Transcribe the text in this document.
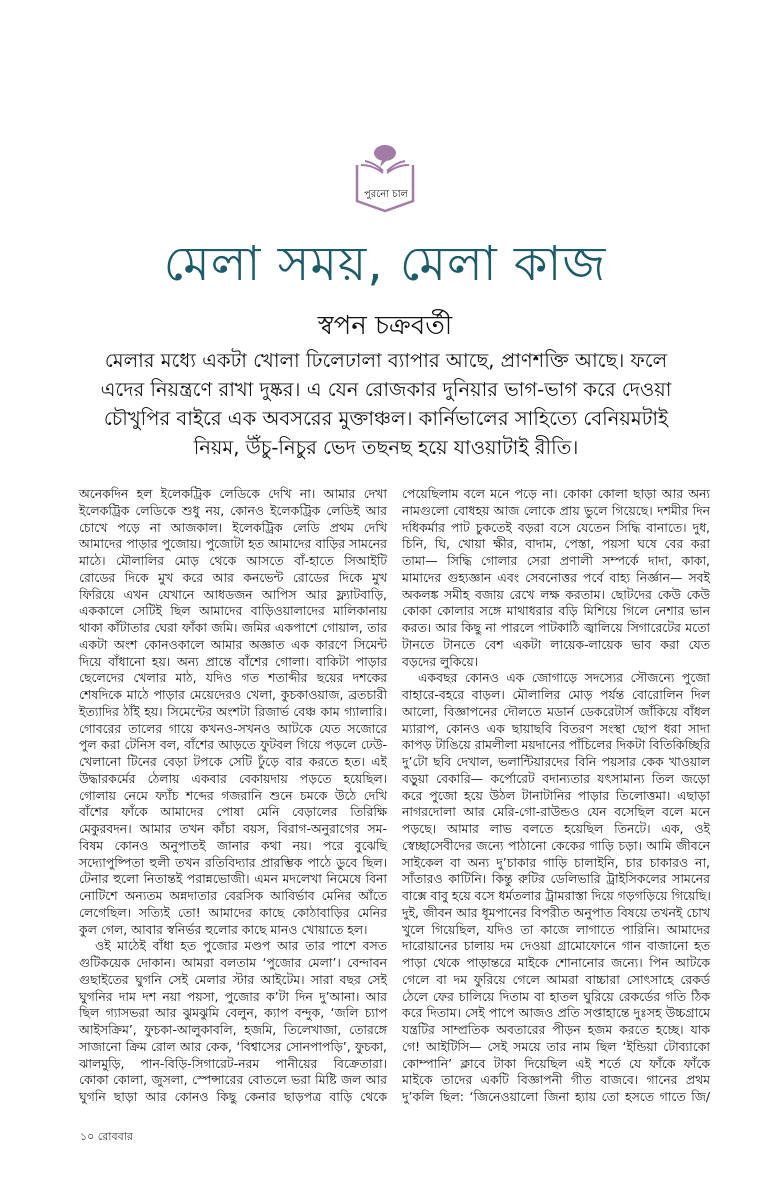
পুরনো চাল
মেলা সময়, মেলা কাজ
স্বপন চক্রবর্তী
মেলার মধ্যে একটা খোলা ঢিলেঢালা ব্যাপার আছে, প্রাণশক্তি আছে। ফলে
এদের নিয়ন্ত্রণে রাখা দুষ্কর। এ যেন রোজকার দুনিয়ার ভাগ-ভাগ করে দেওয়া
চৌখুপির বাইরে এক অবসরের মুক্তাঞ্চল। কার্নিভালের সাহিত্যে বেনিয়মটাই
নিয়ম, উঁচু-নিচুর ভেদ তছনছ হয়ে যাওয়াটাই রীতি।
অনেকদিন হল ইলেকট্রিক লেডিকে দেখি না। আমার দেখা
ইলেকট্রিক লেডিকে শুধু নয়, কোনও ইলেকট্রিক লেডিই আর
চোখে পড়ে না আজকাল। ইলেকট্রিক লেডি প্রথম দেখি
আমাদের পাড়ার পুজোয়। পুজোটা হত আমাদের বাড়ির সামনের
মাঠে। মৌলালির মোড় থেকে আসতে বাঁ-হাতে সিআইটি
রোডের দিকে মুখ করে আর কনভেন্ট রোডের দিকে মুখ
ফিরিয়ে এখন যেখানে আধডজন আপিস আর ফ্ল্যাটবাড়ি,
এককালে সেটিই ছিল আমাদের বাড়িওয়ালাদের মালিকানায়
থাকা কাঁটাতার ঘেরা ফাঁকা জমি। জমির একপাশে গোয়াল, তার
একটা অংশ কোনওকালে আমার অজ্ঞাত এক কারণে সিমেন্ট
দিয়ে বাঁধানো হয়। অন্য প্রান্তে বাঁশের গোলা। বাকিটা পাড়ার
ছেলেদের খেলার মাঠ, যদিও গত শতাব্দীর ছয়ের দশকের
শেষদিকে মাঠে পাড়ার মেয়েদেরও খেলা, কুচকাওয়াজ, ব্রতচারী
ইত্যাদির ঠাঁই হয়। সিমেন্টের অংশটা রিজার্ভ বেঞ্চ কাম গ্যালারি।
গোবরের তালের গায়ে কখনও-সখনও আটকে যেত সজোরে
পুল করা টেনিস বল, বাঁশের আড়তে ফুটবল গিয়ে পড়লে ঢেউ-
খেলানো টিনের বেড়া টপকে সেটি ঢুঁড়ে বার করতে হত। এই
উদ্ধারকর্মের ঠেলায় একবার বেকায়দায় পড়তে হয়েছিল।
গোলায় নেমে ফ্যাঁচ শব্দের গজরানি শুনে চমকে উঠে দেখি
বাঁশের ফাঁকে আমাদের পোষা মেনি বেড়ালের তিরিক্ষি
মেকুরবদন। আমার তখন কাঁচা বয়স, বিরাগ-অনুরাগের সম-
বিষম কোনও অনুপাতই জানার কথা নয়। পরে বুঝেছি
সদ্যোপুষ্পিতা হুলী তখন রতিবিদ্যার প্রারম্ভিক পাঠে ডুবে ছিল।
টেনার হুলো নিতান্তই পরান্নভোজী। এমন মদলেখা নিমেষে বিনা
নোটিশে অন্যতম অন্নদাতার বেরসিক আবির্ভাব মেনির আঁতে
লেগেছিল। সত্যিই তো! আমাদের কাছে কোঠাবাড়ির মেনির
কুল গেল, আবার স্বনির্ভর হুলোর কাছে মানও খোয়াতে হল।
ওই মাঠেই বাঁধা হত পুজোর মণ্ডপ আর তার পাশে বসত
গুটিকয়েক দোকান। আমরা বলতাম ‘পুজোর মেলা’। বেন্দাবন
গুছাইতের ঘুগনি সেই মেলার স্টার আইটেম। সারা বছর সেই
ঘুগনির দাম দশ নয়া পয়সা, পুজোর ক’টা দিন দু’আনা। আর
ছিল গ্যাসভরা আর ঝুমঝুমি বেলুন, ক্যাপ বন্দুক, ‘জলি চ্যাপ
আইসক্রিম’, ফুচকা-আলুকাবলি, হজমি, তিলেখাজা, তোরঙ্গে
সাজানো ক্রিম রোল আর কেক, ‘বিশ্বাসের সোনপাপড়ি’, ফুচকা,
ঝালমুড়ি, পান-বিড়ি-সিগারেট-নরম পানীয়ের বিক্রেতারা।
কোকা কোলা, জুসলা, স্পেন্সারের বোতলে ভরা মিষ্টি জল আর
ঘুগনি ছাড়া আর কোনও কিছু কেনার ছাড়পত্র বাড়ি থেকে
পেয়েছিলাম বলে মনে পড়ে না। কোকা কোলা ছাড়া আর অন্য
নামগুলো বোধহয় আজ লোকে প্রায় ভুলে গিয়েছে। দশমীর দিন
দধিকর্মার পাট চুকতেই বড়রা বসে যেতেন সিদ্ধি বানাতে। দুধ,
চিনি, ঘি, খোয়া ক্ষীর, বাদাম, পেস্তা, পয়সা ঘষে বের করা
তামা— সিদ্ধি গোলার সেরা প্রণালী সম্পর্কে দাদা, কাকা,
মামাদের গুহ্যজ্ঞান এবং সেবনোত্তর পর্বে বাহ্য নির্জ্ঞান— সবই
অকলঙ্ক সমীহ বজায় রেখে লক্ষ করতাম। ছোটদের কেউ কেউ
কোকা কোলার সঙ্গে মাথাধরার বড়ি মিশিয়ে গিলে নেশার ভান
করত। আর কিছু না পারলে পাটকাঠি জ্বালিয়ে সিগারেটের মতো
টানতে টানতে বেশ একটা লায়েক-লায়েক ভাব করা যেত
বড়দের লুকিয়ে।
একবছর কোনও এক জোগাড়ে সদস্যের সৌজন্যে পুজো
বাহারে-বহরে বাড়ল। মৌলালির মোড় পর্যন্ত বোরোলিন দিল
আলো, বিজ্ঞাপনের দৌলতে মডার্ন ডেকরেটার্স জাঁকিয়ে বাঁধল
ম্যারাপ, কোনও এক ছায়াছবি বিতরণ সংস্থা ছোপ ধরা সাদা
কাপড় টাঙিয়ে রামলীলা ময়দানের পাঁচিলের দিকটা বিতিকিচ্ছিরি
দু’টো ছবি দেখাল, ভলান্টিয়ারদের বিনি পয়সার কেক খাওয়াল
বড়ুয়া বেকারি— কর্পোরেট বদান্যতার যৎসামান্য তিল জড়ো
করে পুজো হয়ে উঠল টানাটানির পাড়ার তিলোত্তমা। এছাড়া
নাগরদোলা আর মেরি-গো-রাউন্ডও যেন বসেছিল বলে মনে
পড়ছে। আমার লাভ বলতে হয়েছিল তিনটে। এক, ওই
স্বেচ্ছাসেবীদের জন্যে পাঠানো কেকের গাড়ি চড়া। আমি জীবনে
সাইকেল বা অন্য দু’চাকার গাড়ি চালাইনি, চার চাকারও না,
সাঁতারও কাটিনি। কিন্তু রুটির ডেলিভারি ট্রাইসিকলের সামনের
বাক্সে বাবু হয়ে বসে ধর্মতলার ট্রামরাস্তা দিয়ে গড়গড়িয়ে গিয়েছি।
দুই, জীবন আর ধূমপানের বিপরীত অনুপাত বিষয়ে তখনই চোখ
খুলে গিয়েছিল, যদিও তা কাজে লাগাতে পারিনি। আমাদের
দারোয়ানের চালায় দম দেওয়া গ্রামোফোনে গান বাজানো হত
পাড়া থেকে পাড়ান্তরে মাইকে শোনানোর জন্যে। পিন আটকে
গেলে বা দম ফুরিয়ে গেলে আমরা বাচ্চারা সোৎসাহে রেকর্ড
ঠেলে ফের চালিয়ে দিতাম বা হাতল ঘুরিয়ে রেকর্ডের গতি ঠিক
করে দিতাম। সেই পাপে আজও প্রতি সপ্তাহান্তে দুঃসহ উচ্চগ্রামে
যন্ত্রটির সাম্প্রতিক অবতারের পীড়ন হজম করতে হচ্ছে। যাক
গে! আইটিসি— সেই সময়ে তার নাম ছিল ‘ইন্ডিয়া টোব্যাকো
কোম্পানি’ ক্লাবে টাকা দিয়েছিল এই শর্তে যে ফাঁকে ফাঁকে
মাইকে তাদের একটি বিজ্ঞাপনী গীত বাজবে। গানের প্রথম
দু’কলি ছিল: ‘জিনেওয়ালো জিনা হ্যায় তো হসতে গাতে জি/
১০ রোববার
